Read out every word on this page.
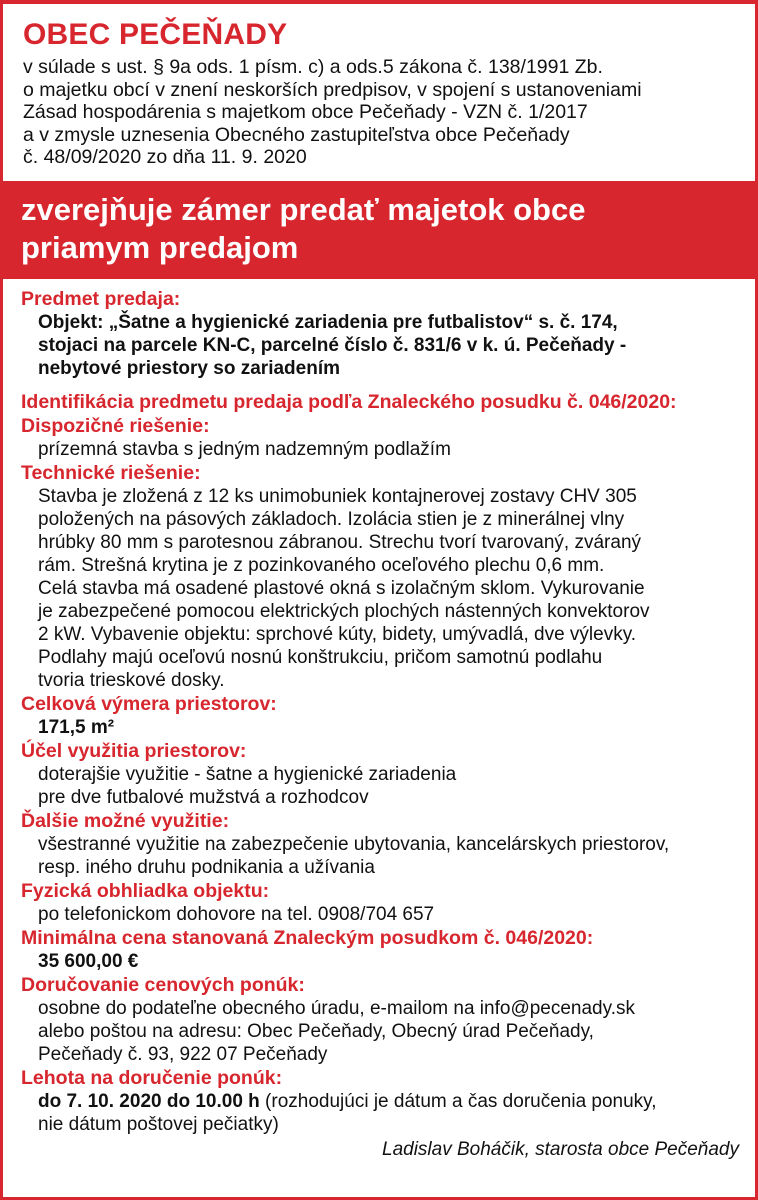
OBEC PEČEŇADY
v súlade s ust. § 9a ods. 1 písm. c) a ods.5 zákona č. 138/1991 Zb.
o majetku obcí v znení neskorších predpisov, v spojení s ustanoveniami
Zásad hospodárenia s majetkom obce Pečeňady - VZN č. 1/2017
a v zmysle uznesenia Obecného zastupiteľstva obce Pečeňady
č. 48/09/2020 zo dňa 11. 9. 2020
zverejňuje zámer predať majetok obce
priamym predajom
Predmet predaja:
Objekt: „Šatne a hygienické zariadenia pre futbalistov“ s. č. 174,
stojaci na parcele KN-C, parcelné číslo č. 831/6 v k. ú. Pečeňady -
nebytové priestory so zariadením
Identifikácia predmetu predaja podľa Znaleckého posudku č. 046/2020:
Dispozičné riešenie:
prízemná stavba s jedným nadzemným podlažím
Technické riešenie:
Stavba je zložená z 12 ks unimobuniek kontajnerovej zostavy CHV 305
položených na pásových základoch. Izolácia stien je z minerálnej vlny
hrúbky 80 mm s parotesnou zábranou. Strechu tvorí tvarovaný, zváraný
rám. Strešná krytina je z pozinkovaného oceľového plechu 0,6 mm.
Celá stavba má osadené plastové okná s izolačným sklom. Vykurovanie
je zabezpečené pomocou elektrických plochých nástenných konvektorov
2 kW. Vybavenie objektu: sprchové kúty, bidety, umývadlá, dve výlevky.
Podlahy majú oceľovú nosnú konštrukciu, pričom samotnú podlahu
tvoria trieskové dosky.
Celková výmera priestorov:
171,5 m²
Účel využitia priestorov:
doterajšie využitie - šatne a hygienické zariadenia
pre dve futbalové mužstvá a rozhodcov
Ďalšie možné využitie:
všestranné využitie na zabezpečenie ubytovania, kancelárskych priestorov,
resp. iného druhu podnikania a užívania
Fyzická obhliadka objektu:
po telefonickom dohovore na tel. 0908/704 657
Minimálna cena stanovaná Znaleckým posudkom č. 046/2020:
35 600,00 €
Doručovanie cenových ponúk:
osobne do podateľne obecného úradu, e-mailom na info@pecenady.sk
alebo poštou na adresu: Obec Pečeňady, Obecný úrad Pečeňady,
Pečeňady č. 93, 922 07 Pečeňady
Lehota na doručenie ponúk:
do 7. 10. 2020 do 10.00 h (rozhodujúci je dátum a čas doručenia ponuky,
nie dátum poštovej pečiatky)
Ladislav Boháčik, starosta obce Pečeňady
